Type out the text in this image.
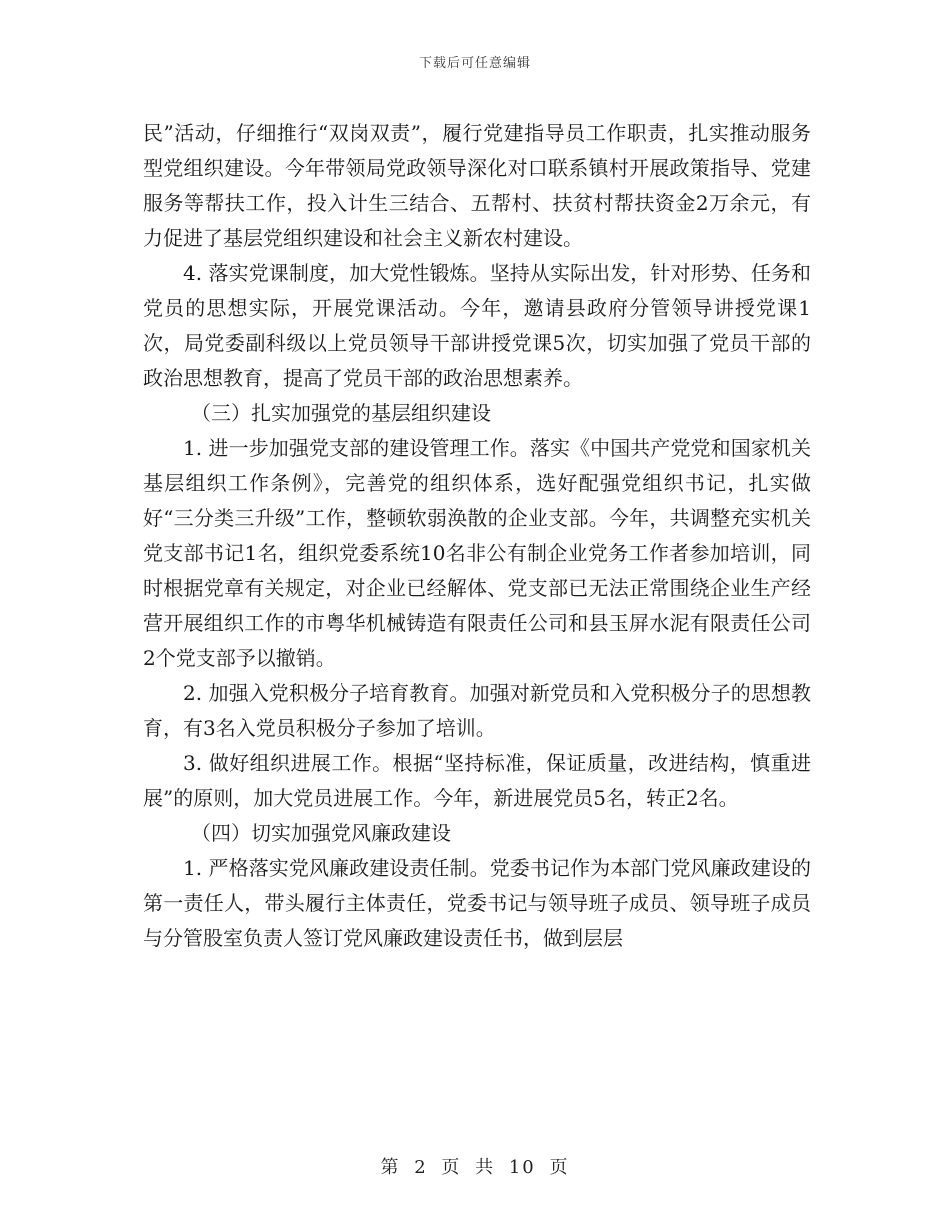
下载后可任意编辑

民”活动，仔细推行“双岗双责”，履行党建指导员工作职责，扎实推动服务型党组织建设。今年带领局党政领导深化对口联系镇村开展政策指导、党建服务等帮扶工作，投入计生三结合、五帮村、扶贫村帮扶资金2万余元，有力促进了基层党组织建设和社会主义新农村建设。

4. 落实党课制度，加大党性锻炼。坚持从实际出发，针对形势、任务和党员的思想实际，开展党课活动。今年，邀请县政府分管领导讲授党课1次，局党委副科级以上党员领导干部讲授党课5次，切实加强了党员干部的政治思想教育，提高了党员干部的政治思想素养。

（三）扎实加强党的基层组织建设

1. 进一步加强党支部的建设管理工作。落实《中国共产党党和国家机关基层组织工作条例》，完善党的组织体系，选好配强党组织书记，扎实做好“三分类三升级”工作，整顿软弱涣散的企业支部。今年，共调整充实机关党支部书记1名，组织党委系统10名非公有制企业党务工作者参加培训，同时根据党章有关规定，对企业已经解体、党支部已无法正常围绕企业生产经营开展组织工作的市粤华机械铸造有限责任公司和县玉屏水泥有限责任公司2个党支部予以撤销。

2. 加强入党积极分子培育教育。加强对新党员和入党积极分子的思想教育，有3名入党员积极分子参加了培训。

3. 做好组织进展工作。根据“坚持标准，保证质量，改进结构，慎重进展”的原则，加大党员进展工作。今年，新进展党员5名，转正2名。

（四）切实加强党风廉政建设

1. 严格落实党风廉政建设责任制。党委书记作为本部门党风廉政建设的第一责任人，带头履行主体责任，党委书记与领导班子成员、领导班子成员与分管股室负责人签订党风廉政建设责任书，做到层层

第 2 页 共 10 页
